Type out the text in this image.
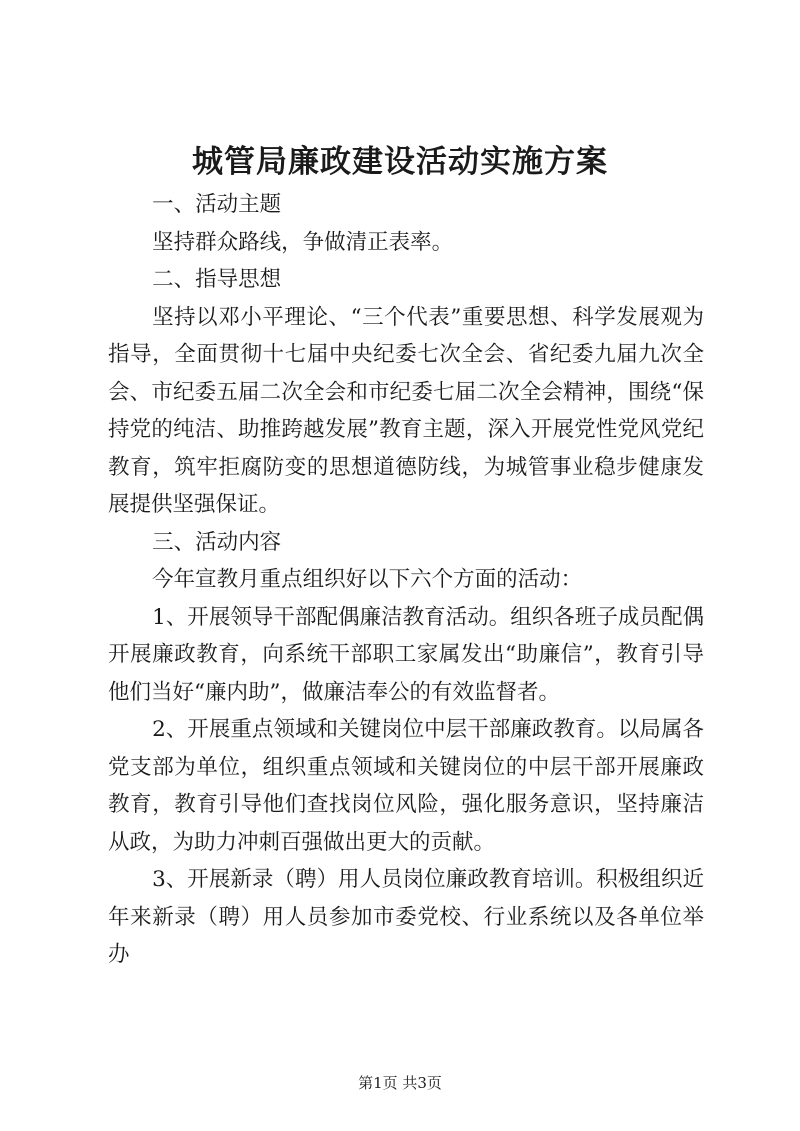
城管局廉政建设活动实施方案

一、活动主题

坚持群众路线，争做清正表率。

二、指导思想

坚持以邓小平理论、“三个代表”重要思想、科学发展观为指导，全面贯彻十七届中央纪委七次全会、省纪委九届九次全会、市纪委五届二次全会和市纪委七届二次全会精神，围绕“保持党的纯洁、助推跨越发展”教育主题，深入开展党性党风党纪教育，筑牢拒腐防变的思想道德防线，为城管事业稳步健康发展提供坚强保证。

三、活动内容

今年宣教月重点组织好以下六个方面的活动：

1、开展领导干部配偶廉洁教育活动。组织各班子成员配偶开展廉政教育，向系统干部职工家属发出“助廉信”，教育引导他们当好“廉内助”，做廉洁奉公的有效监督者。

2、开展重点领域和关键岗位中层干部廉政教育。以局属各党支部为单位，组织重点领域和关键岗位的中层干部开展廉政教育，教育引导他们查找岗位风险，强化服务意识，坚持廉洁从政，为助力冲刺百强做出更大的贡献。

3、开展新录（聘）用人员岗位廉政教育培训。积极组织近年来新录（聘）用人员参加市委党校、行业系统以及各单位举办

第1页 共3页
